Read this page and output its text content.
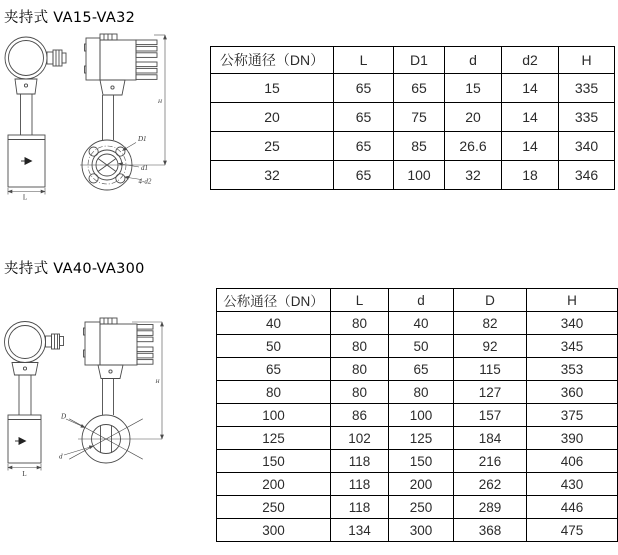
夹持式 VA15-VA32
L
D1
d1
4-d2
H
公称通径（DN）	L	D1	d	d2	H
15	65	65	15	14	335
20	65	75	20	14	335
25	65	85	26.6	14	340
32	65	100	32	18	346
夹持式 VA40-VA300
L
D
d
H
公称通径（DN）	L	d	D	H
40	80	40	82	340
50	80	50	92	345
65	80	65	115	353
80	80	80	127	360
100	86	100	157	375
125	102	125	184	390
150	118	150	216	406
200	118	200	262	430
250	118	250	289	446
300	134	300	368	475
